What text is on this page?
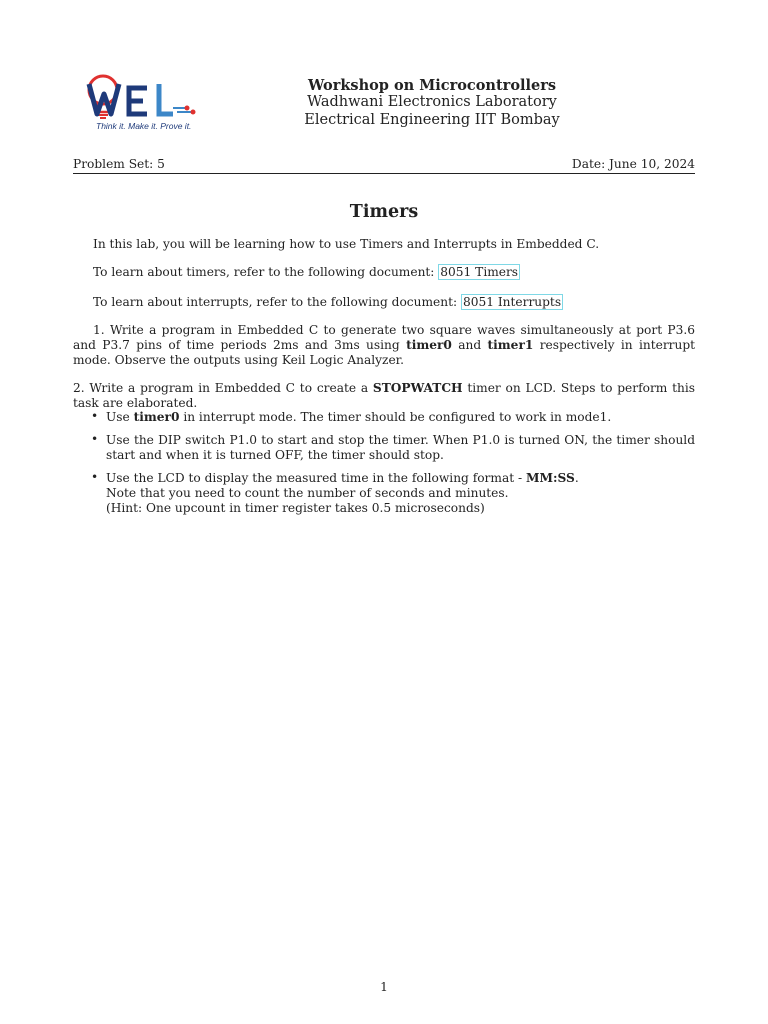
Think it. Make it. Prove it.
Workshop on Microcontrollers
Wadhwani Electronics Laboratory
Electrical Engineering IIT Bombay
Problem Set: 5	Date: June 10, 2024
Timers
In this lab, you will be learning how to use Timers and Interrupts in Embedded C.
To learn about timers, refer to the following document: 8051 Timers
To learn about interrupts, refer to the following document: 8051 Interrupts
1. Write a program in Embedded C to generate two square waves simultaneously at port P3.6 and P3.7 pins of time periods 2ms and 3ms using timer0 and timer1 respectively in interrupt mode. Observe the outputs using Keil Logic Analyzer.
2. Write a program in Embedded C to create a STOPWATCH timer on LCD. Steps to perform this task are elaborated.
• Use timer0 in interrupt mode. The timer should be configured to work in mode1.
• Use the DIP switch P1.0 to start and stop the timer. When P1.0 is turned ON, the timer should start and when it is turned OFF, the timer should stop.
• Use the LCD to display the measured time in the following format - MM:SS.
Note that you need to count the number of seconds and minutes.
(Hint: One upcount in timer register takes 0.5 microseconds)
1
